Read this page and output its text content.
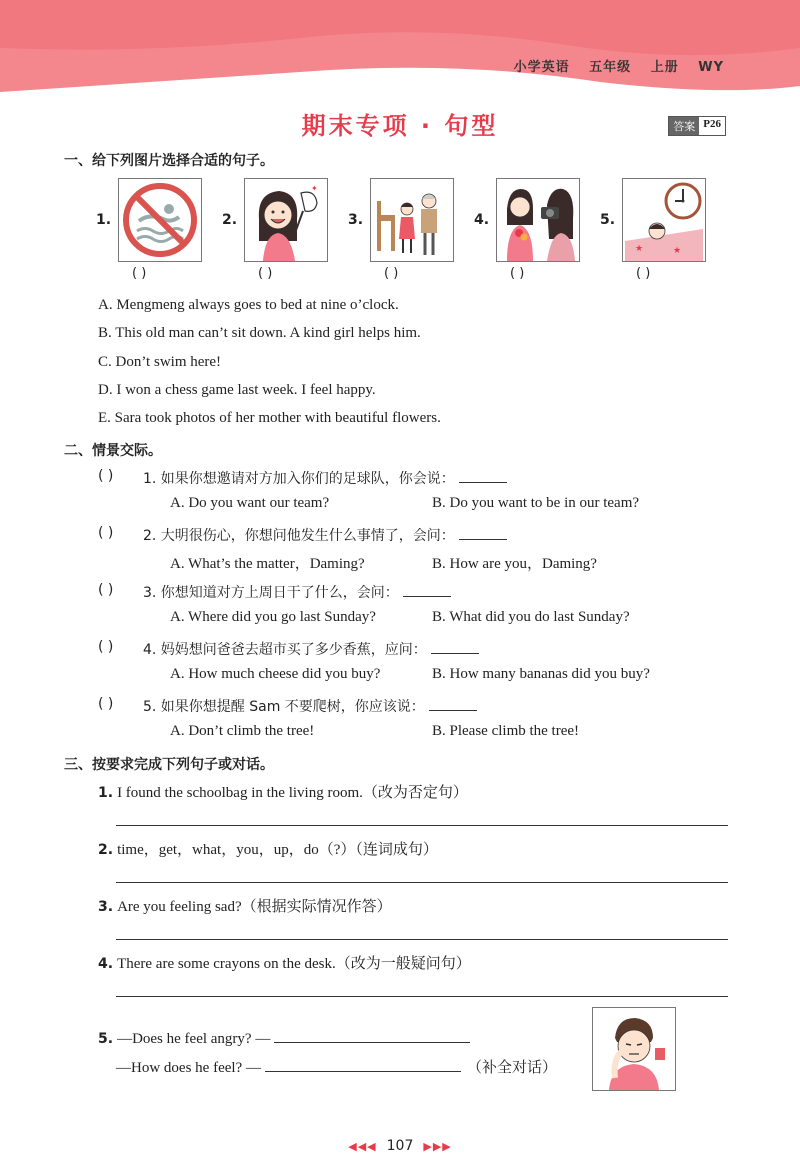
小学英语 五年级 上册 WY
期末专项 · 句型	答案 P26
一、给下列图片选择合适的句子。
1.
( )
2.
✦
( )
3.
( )
4.
( )
5.
★	★
( )
A. Mengmeng always goes to bed at nine o’clock.
B. This old man can’t sit down. A kind girl helps him.
C. Don’t swim here!
D. I won a chess game last week. I feel happy.
E. Sara took photos of her mother with beautiful flowers.
二、情景交际。
( ) 1. 如果你想邀请对方加入你们的足球队，你会说：
A. Do you want our team?	B. Do you want to be in our team?
( ) 2. 大明很伤心，你想问他发生什么事情了，会问：
A. What’s the matter，Daming?	B. How are you，Daming?
( ) 3. 你想知道对方上周日干了什么，会问：
A. Where did you go last Sunday?	B. What did you do last Sunday?
( ) 4. 妈妈想问爸爸去超市买了多少香蕉，应问：
A. How much cheese did you buy?	B. How many bananas did you buy?
( ) 5. 如果你想提醒 Sam 不要爬树，你应该说：
A. Don’t climb the tree!	B. Please climb the tree!
三、按要求完成下列句子或对话。
1. I found the schoolbag in the living room.（改为否定句）
2. time，get，what，you，up，do（?）（连词成句）
3. Are you feeling sad?（根据实际情况作答）
4. There are some crayons on the desk.（改为一般疑问句）
5. —Does he feel angry? —
—How does he feel? —	（补全对话）
◀◀◀ 107 ▶▶▶
